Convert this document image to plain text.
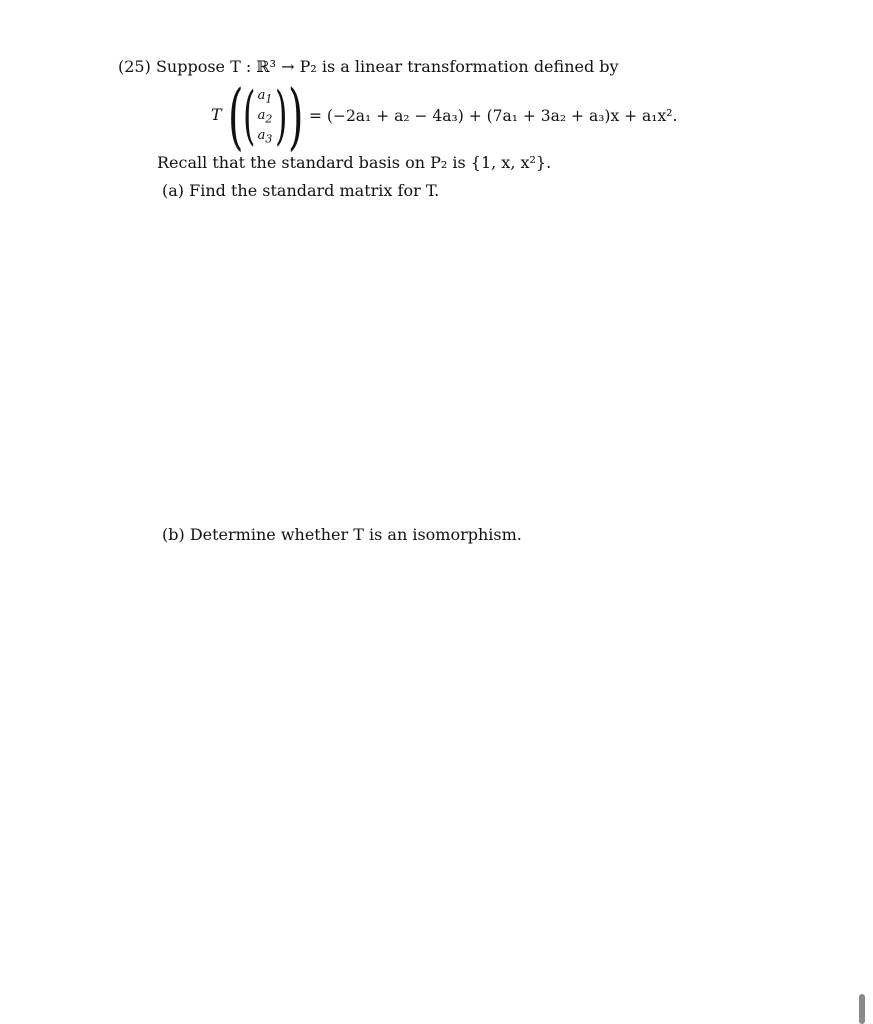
(25) Suppose T : ℝ³ → P₂ is a linear transformation defined by
T ( ( $a_1$
$a_2$
$a_3$ ) ) = (−2a₁ + a₂ − 4a₃) + (7a₁ + 3a₂ + a₃)x + a₁x².
Recall that the standard basis on P₂ is {1, x, x²}.
(a) Find the standard matrix for T.
(b) Determine whether T is an isomorphism.
